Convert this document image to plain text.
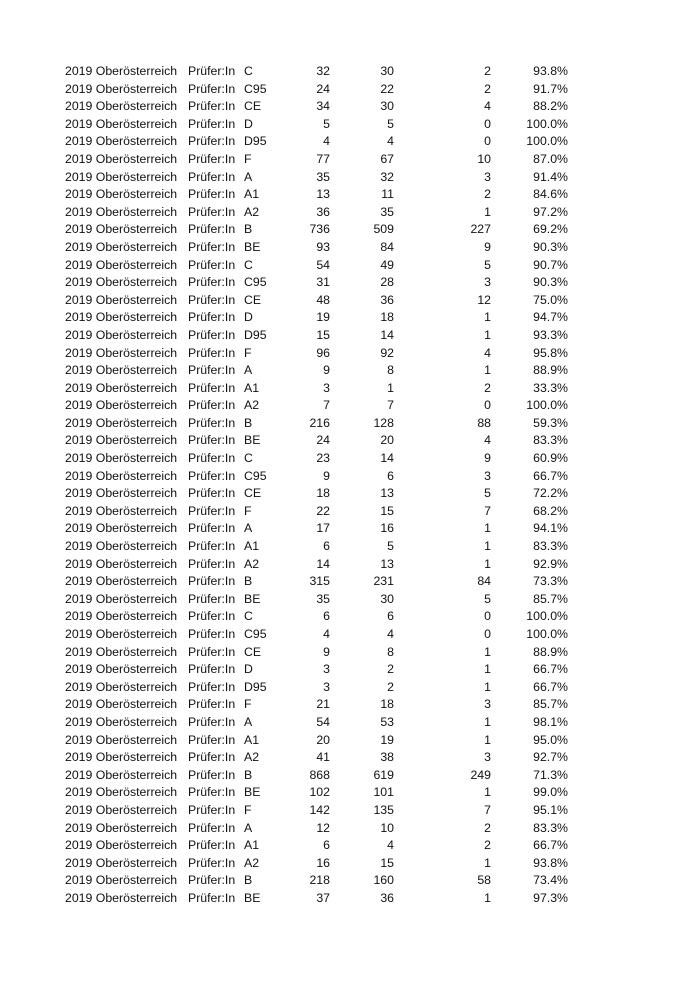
2019 Oberösterreich Prüfer:In C	32	30	2	93.8%
2019 Oberösterreich Prüfer:In C95	24	22	2	91.7%
2019 Oberösterreich Prüfer:In CE	34	30	4	88.2%
2019 Oberösterreich Prüfer:In D	5	5	0	100.0%
2019 Oberösterreich Prüfer:In D95	4	4	0	100.0%
2019 Oberösterreich Prüfer:In F	77	67	10	87.0%
2019 Oberösterreich Prüfer:In A	35	32	3	91.4%
2019 Oberösterreich Prüfer:In A1	13	11	2	84.6%
2019 Oberösterreich Prüfer:In A2	36	35	1	97.2%
2019 Oberösterreich Prüfer:In B	736	509	227	69.2%
2019 Oberösterreich Prüfer:In BE	93	84	9	90.3%
2019 Oberösterreich Prüfer:In C	54	49	5	90.7%
2019 Oberösterreich Prüfer:In C95	31	28	3	90.3%
2019 Oberösterreich Prüfer:In CE	48	36	12	75.0%
2019 Oberösterreich Prüfer:In D	19	18	1	94.7%
2019 Oberösterreich Prüfer:In D95	15	14	1	93.3%
2019 Oberösterreich Prüfer:In F	96	92	4	95.8%
2019 Oberösterreich Prüfer:In A	9	8	1	88.9%
2019 Oberösterreich Prüfer:In A1	3	1	2	33.3%
2019 Oberösterreich Prüfer:In A2	7	7	0	100.0%
2019 Oberösterreich Prüfer:In B	216	128	88	59.3%
2019 Oberösterreich Prüfer:In BE	24	20	4	83.3%
2019 Oberösterreich Prüfer:In C	23	14	9	60.9%
2019 Oberösterreich Prüfer:In C95	9	6	3	66.7%
2019 Oberösterreich Prüfer:In CE	18	13	5	72.2%
2019 Oberösterreich Prüfer:In F	22	15	7	68.2%
2019 Oberösterreich Prüfer:In A	17	16	1	94.1%
2019 Oberösterreich Prüfer:In A1	6	5	1	83.3%
2019 Oberösterreich Prüfer:In A2	14	13	1	92.9%
2019 Oberösterreich Prüfer:In B	315	231	84	73.3%
2019 Oberösterreich Prüfer:In BE	35	30	5	85.7%
2019 Oberösterreich Prüfer:In C	6	6	0	100.0%
2019 Oberösterreich Prüfer:In C95	4	4	0	100.0%
2019 Oberösterreich Prüfer:In CE	9	8	1	88.9%
2019 Oberösterreich Prüfer:In D	3	2	1	66.7%
2019 Oberösterreich Prüfer:In D95	3	2	1	66.7%
2019 Oberösterreich Prüfer:In F	21	18	3	85.7%
2019 Oberösterreich Prüfer:In A	54	53	1	98.1%
2019 Oberösterreich Prüfer:In A1	20	19	1	95.0%
2019 Oberösterreich Prüfer:In A2	41	38	3	92.7%
2019 Oberösterreich Prüfer:In B	868	619	249	71.3%
2019 Oberösterreich Prüfer:In BE	102	101	1	99.0%
2019 Oberösterreich Prüfer:In F	142	135	7	95.1%
2019 Oberösterreich Prüfer:In A	12	10	2	83.3%
2019 Oberösterreich Prüfer:In A1	6	4	2	66.7%
2019 Oberösterreich Prüfer:In A2	16	15	1	93.8%
2019 Oberösterreich Prüfer:In B	218	160	58	73.4%
2019 Oberösterreich Prüfer:In BE	37	36	1	97.3%
